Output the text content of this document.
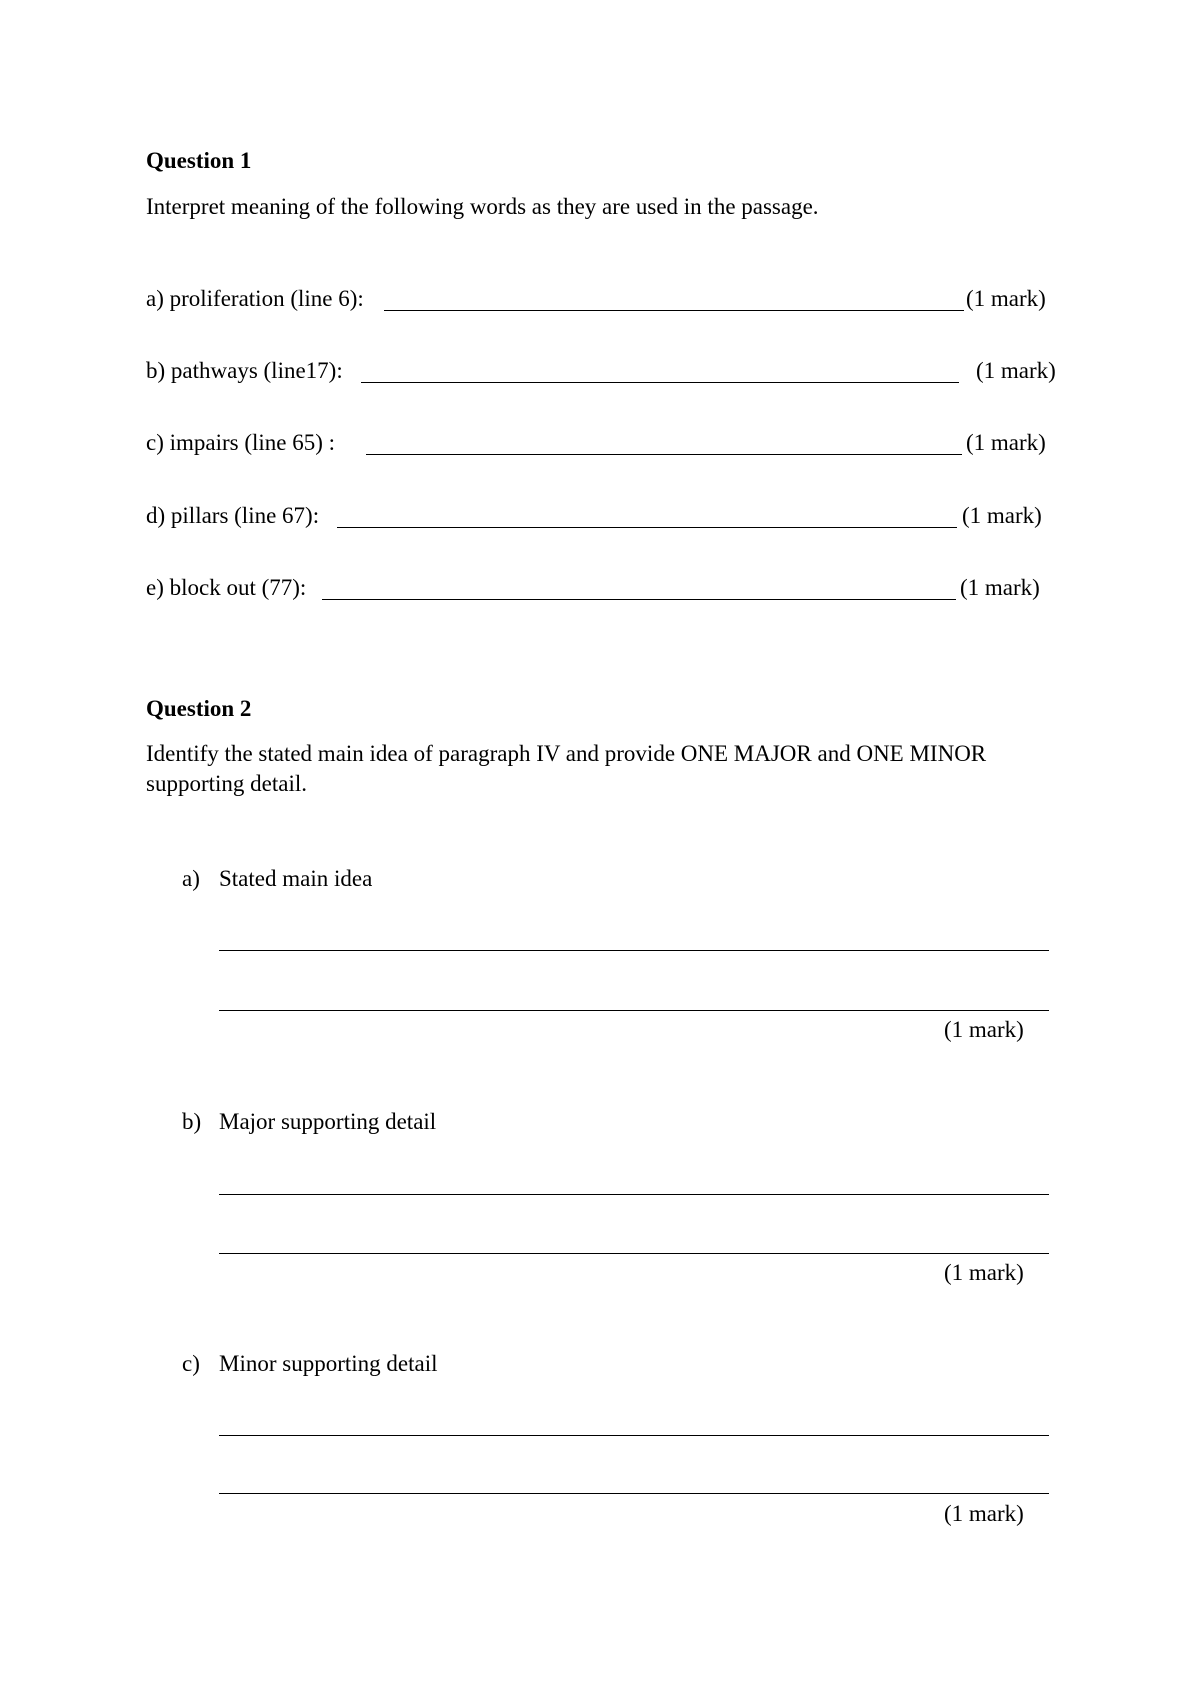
Question 1
Interpret meaning of the following words as they are used in the passage.
a) proliferation (line 6):	(1 mark)
b) pathways (line17):	(1 mark)
c) impairs (line 65) :	(1 mark)
d) pillars (line 67):	(1 mark)
e) block out (77):	(1 mark)
Question 2
Identify the stated main idea of paragraph IV and provide ONE MAJOR and ONE MINOR supporting detail.
a) Stated main idea
(1 mark)
b) Major supporting detail
(1 mark)
c) Minor supporting detail
(1 mark)
